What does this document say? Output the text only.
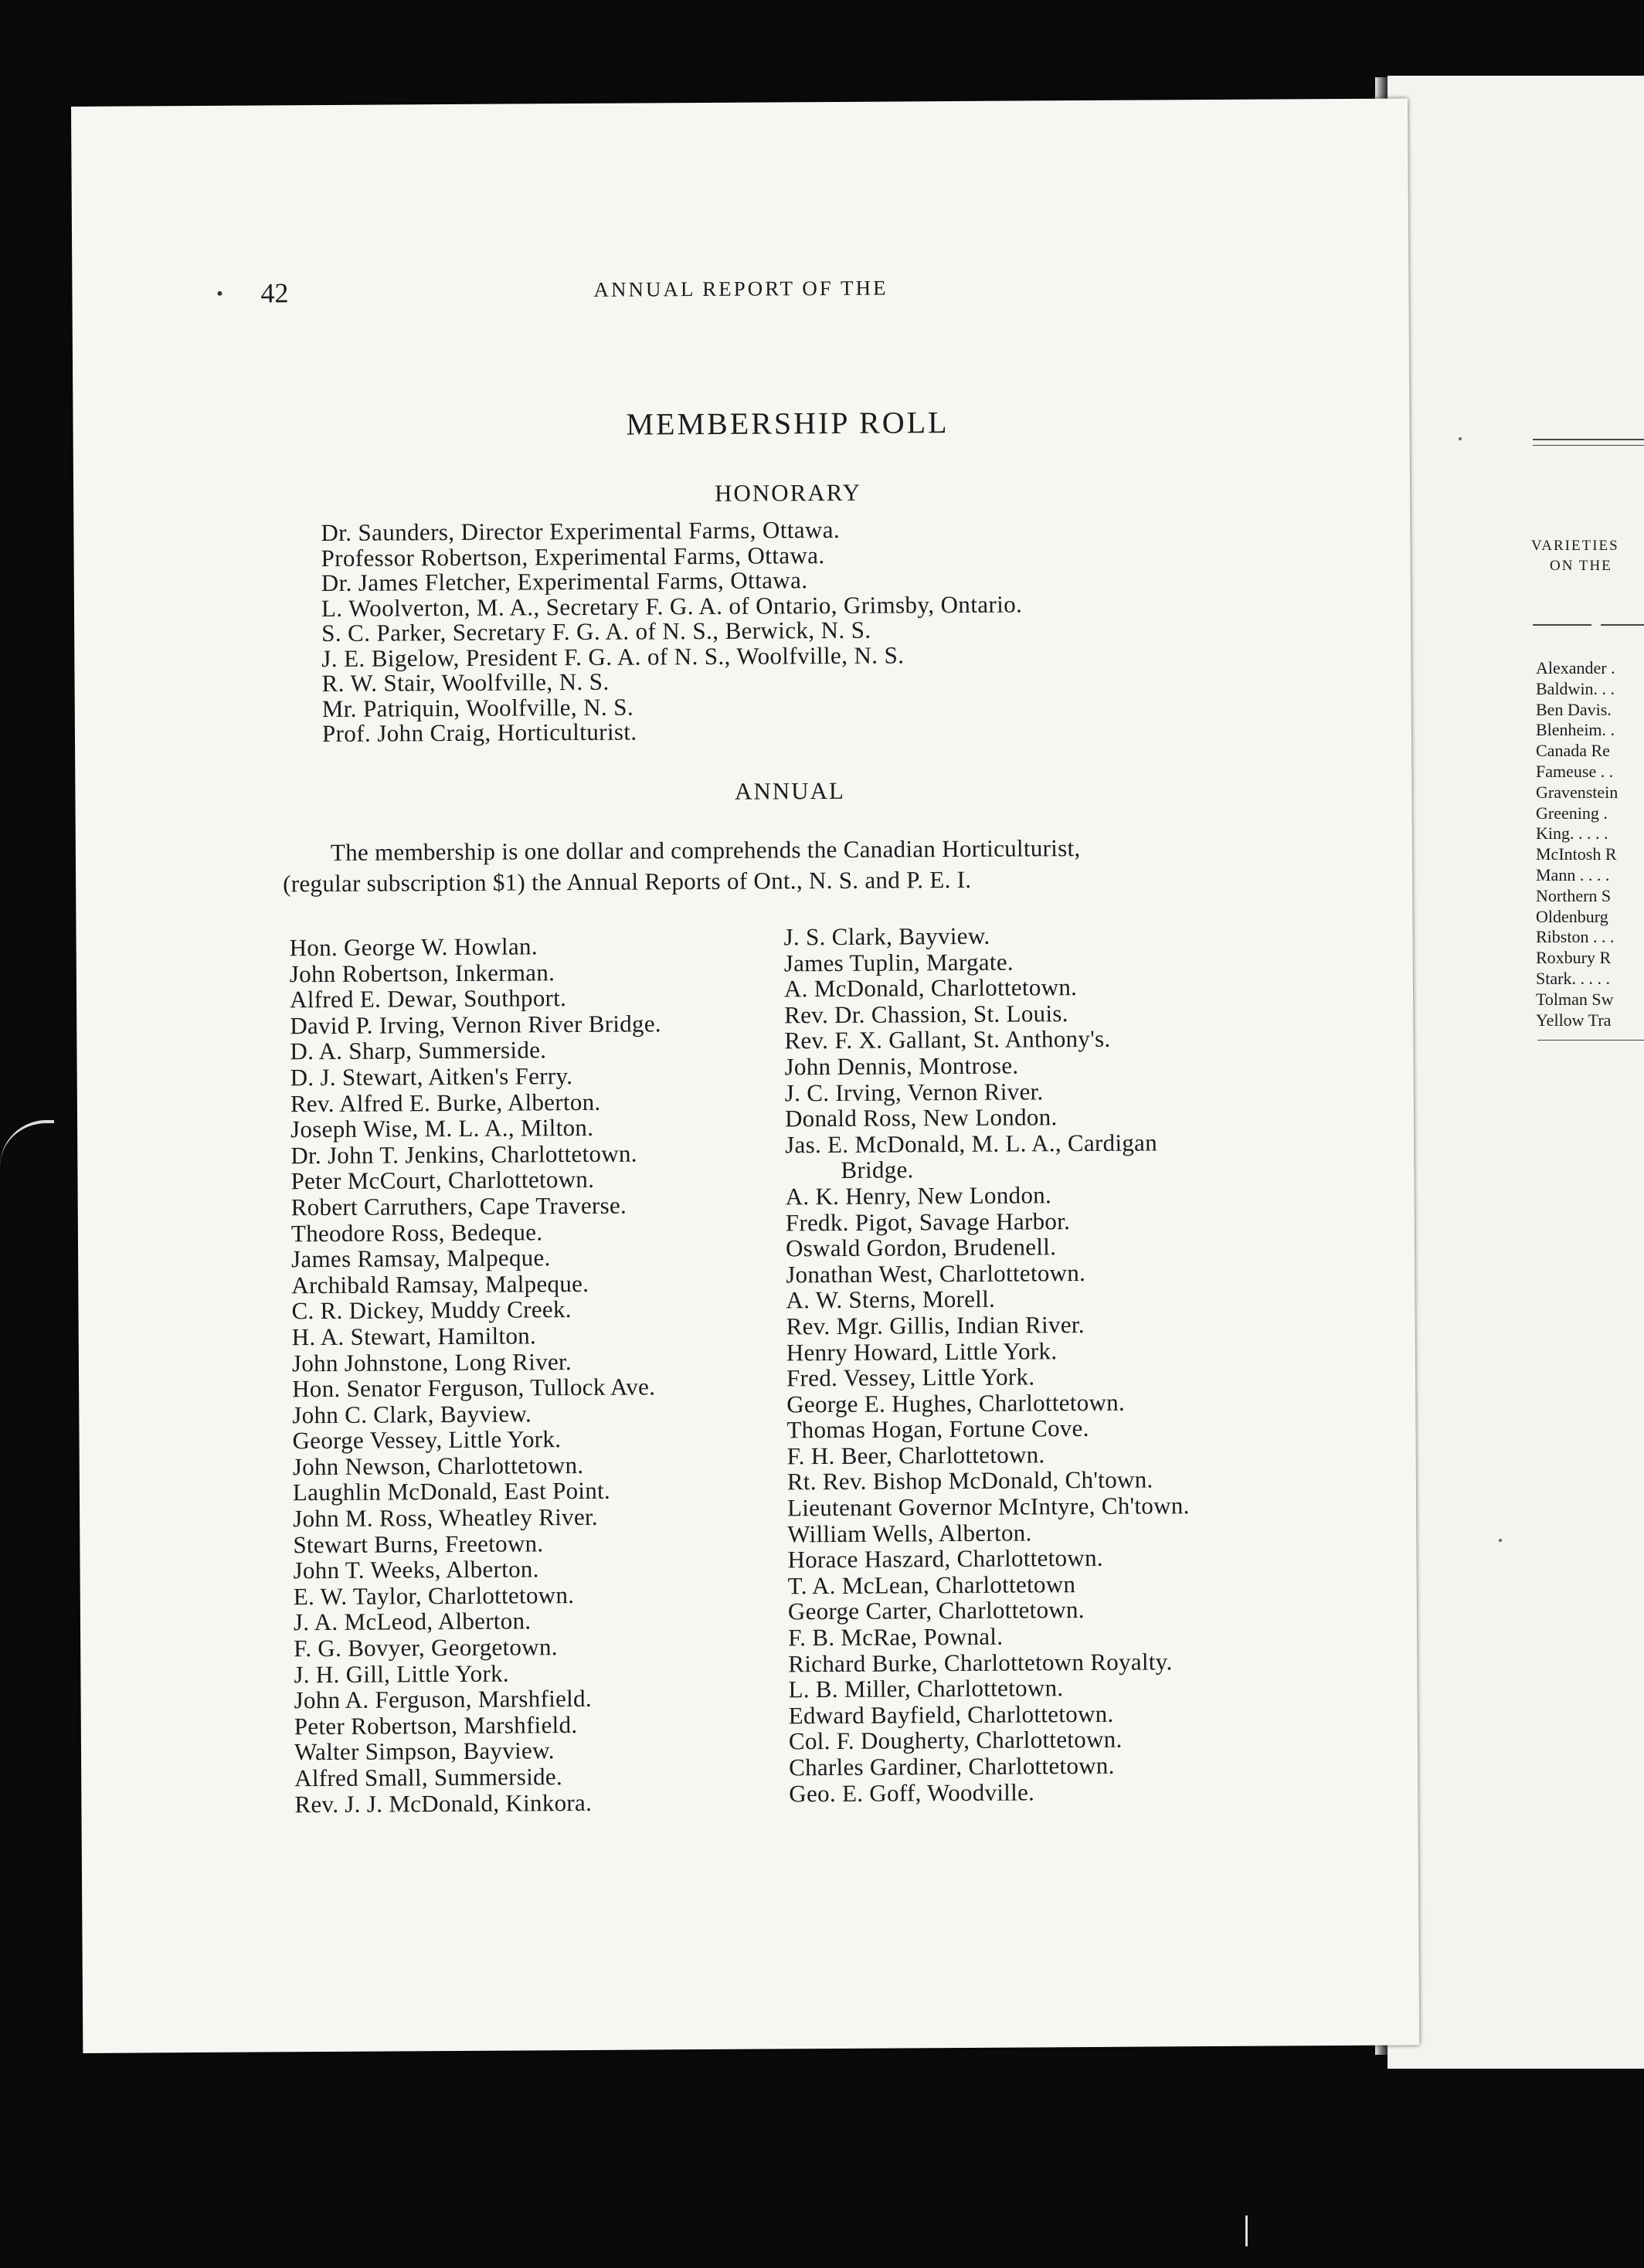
42	ANNUAL REPORT OF THE
MEMBERSHIP ROLL
HONORARY
Dr. Saunders, Director Experimental Farms, Ottawa.
Professor Robertson, Experimental Farms, Ottawa.
Dr. James Fletcher, Experimental Farms, Ottawa.
L. Woolverton, M. A., Secretary F. G. A. of Ontario, Grimsby, Ontario.
S. C. Parker, Secretary F. G. A. of N. S., Berwick, N. S.
J. E. Bigelow, President F. G. A. of N. S., Woolfville, N. S.
R. W. Stair, Woolfville, N. S.
Mr. Patriquin, Woolfville, N. S.
Prof. John Craig, Horticulturist.
ANNUAL
The membership is one dollar and comprehends the Canadian Horticulturist,
(regular subscription $1) the Annual Reports of Ont., N. S. and P. E. I.
Hon. George W. Howlan.
John Robertson, Inkerman.
Alfred E. Dewar, Southport.
David P. Irving, Vernon River Bridge.
D. A. Sharp, Summerside.
D. J. Stewart, Aitken's Ferry.
Rev. Alfred E. Burke, Alberton.
Joseph Wise, M. L. A., Milton.
Dr. John T. Jenkins, Charlottetown.
Peter McCourt, Charlottetown.
Robert Carruthers, Cape Traverse.
Theodore Ross, Bedeque.
James Ramsay, Malpeque.
Archibald Ramsay, Malpeque.
C. R. Dickey, Muddy Creek.
H. A. Stewart, Hamilton.
John Johnstone, Long River.
Hon. Senator Ferguson, Tullock Ave.
John C. Clark, Bayview.
George Vessey, Little York.
John Newson, Charlottetown.
Laughlin McDonald, East Point.
John M. Ross, Wheatley River.
Stewart Burns, Freetown.
John T. Weeks, Alberton.
E. W. Taylor, Charlottetown.
J. A. McLeod, Alberton.
F. G. Bovyer, Georgetown.
J. H. Gill, Little York.
John A. Ferguson, Marshfield.
Peter Robertson, Marshfield.
Walter Simpson, Bayview.
Alfred Small, Summerside.
Rev. J. J. McDonald, Kinkora.
J. S. Clark, Bayview.
James Tuplin, Margate.
A. McDonald, Charlottetown.
Rev. Dr. Chassion, St. Louis.
Rev. F. X. Gallant, St. Anthony's.
John Dennis, Montrose.
J. C. Irving, Vernon River.
Donald Ross, New London.
Jas. E. McDonald, M. L. A., Cardigan
Bridge.
A. K. Henry, New London.
Fredk. Pigot, Savage Harbor.
Oswald Gordon, Brudenell.
Jonathan West, Charlottetown.
A. W. Sterns, Morell.
Rev. Mgr. Gillis, Indian River.
Henry Howard, Little York.
Fred. Vessey, Little York.
George E. Hughes, Charlottetown.
Thomas Hogan, Fortune Cove.
F. H. Beer, Charlottetown.
Rt. Rev. Bishop McDonald, Ch'town.
Lieutenant Governor McIntyre, Ch'town.
William Wells, Alberton.
Horace Haszard, Charlottetown.
T. A. McLean, Charlottetown
George Carter, Charlottetown.
F. B. McRae, Pownal.
Richard Burke, Charlottetown Royalty.
L. B. Miller, Charlottetown.
Edward Bayfield, Charlottetown.
Col. F. Dougherty, Charlottetown.
Charles Gardiner, Charlottetown.
Geo. E. Goff, Woodville.
VARIETIES
ON THE
Alexander .
Baldwin. . .
Ben Davis.
Blenheim. .
Canada Re
Fameuse . .
Gravenstein
Greening .
King. . . . .
McIntosh R
Mann . . . .
Northern S
Oldenburg
Ribston . . .
Roxbury R
Stark. . . . .
Tolman Sw
Yellow Tra
